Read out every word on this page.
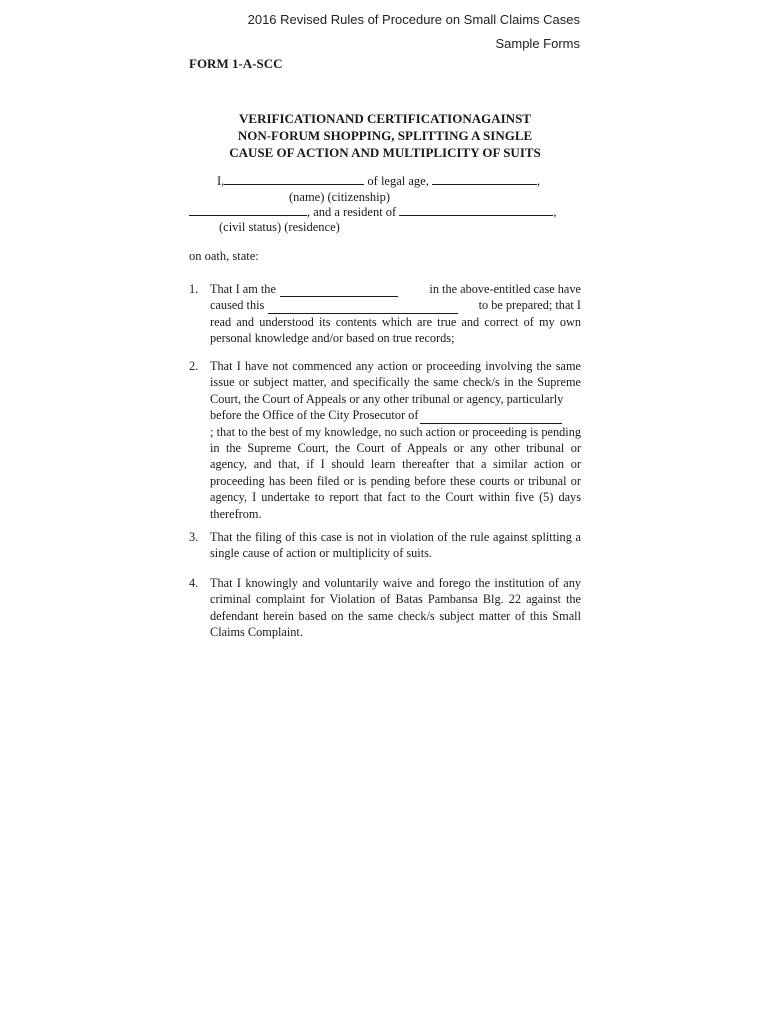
2016 Revised Rules of Procedure on Small Claims Cases
Sample Forms
FORM 1-A-SCC
VERIFICATIONAND CERTIFICATIONAGAINST
NON-FORUM SHOPPING, SPLITTING A SINGLE
CAUSE OF ACTION AND MULTIPLICITY OF SUITS
I,	of legal age,	,
(name) (citizenship)
, and a resident of	,
(civil status) (residence)
on oath, state:
1. That I am the	in the above-entitled case have
caused this	to be prepared; that I
read and understood its contents which are true and correct of my own personal knowledge and/or based on true records;
2. That I have not commenced any action or proceeding involving the same issue or subject matter, and specifically the same check/s in the Supreme Court, the Court of Appeals or any other tribunal or agency, particularly
before the Office of the City Prosecutor of
; that to the best of my knowledge, no such action or proceeding is pending in the Supreme Court, the Court of Appeals or any other tribunal or agency, and that, if I should learn thereafter that a similar action or proceeding has been filed or is pending before these courts or tribunal or agency, I undertake to report that fact to the Court within five (5) days therefrom.
3. That the filing of this case is not in violation of the rule against splitting a single cause of action or multiplicity of suits.
4. That I knowingly and voluntarily waive and forego the institution of any criminal complaint for Violation of Batas Pambansa Blg. 22 against the defendant herein based on the same check/s subject matter of this Small Claims Complaint.
